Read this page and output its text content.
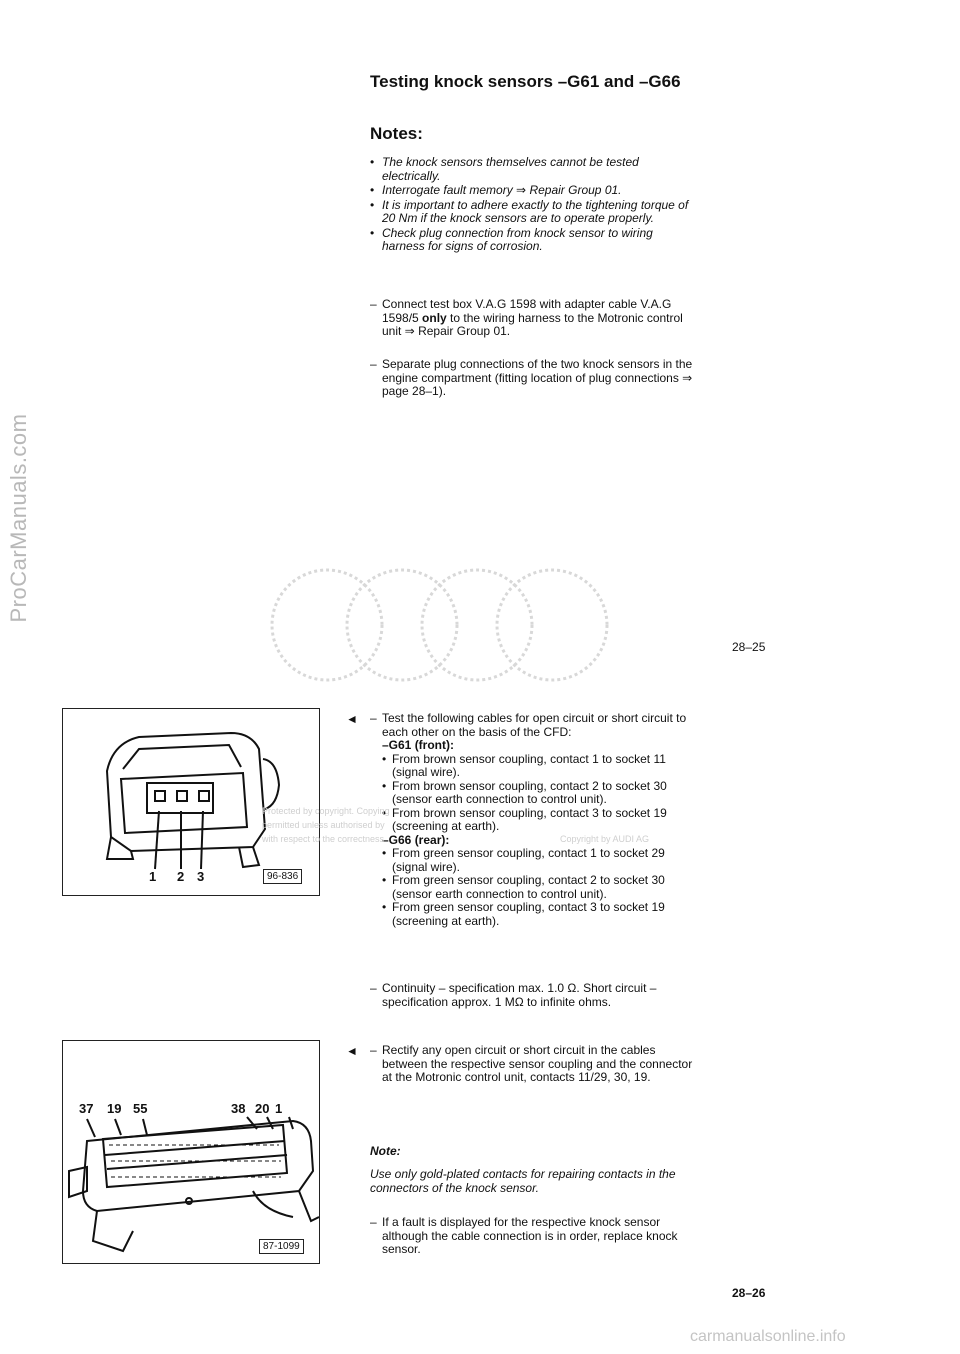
ProCarManuals.com
Testing knock sensors –G61 and –G66
Notes:
• The knock sensors themselves cannot be tested electrically.
• Interrogate fault memory ⇒ Repair Group 01.
• It is important to adhere exactly to the tightening torque of 20 Nm if the knock sensors are to operate properly.
• Check plug connection from knock sensor to wiring harness for signs of corrosion.
– Connect test box V.A.G 1598 with adapter cable V.A.G 1598/5 only to the wiring harness to the Motronic control unit ⇒ Repair Group 01.
– Separate plug connections of the two knock sensors in the engine compartment (fitting location of plug connections ⇒ page 28–1).
28–25
1 2 3	96-836
◄ – Test the following cables for open circuit or short circuit to each other on the basis of the CFD:
–G61 (front):
• From brown sensor coupling, contact 1 to socket 11 (signal wire).
• From brown sensor coupling, contact 2 to socket 30 (sensor earth connection to control unit).
• From brown sensor coupling, contact 3 to socket 19 (screening at earth).
–G66 (rear):
• From green sensor coupling, contact 1 to socket 29 (signal wire).
• From green sensor coupling, contact 2 to socket 30 (sensor earth connection to control unit).
• From green sensor coupling, contact 3 to socket 19 (screening at earth).
Protected by copyright. Copying
permitted unless authorised by
with respect to the correctness	Copyright by AUDI AG
– Continuity – specification max. 1.0 Ω. Short circuit – specification approx. 1 MΩ to infinite ohms.
37 19 55	38 20 1
87-1099
◄ – Rectify any open circuit or short circuit in the cables between the respective sensor coupling and the connector at the Motronic control unit, contacts 11/29, 30, 19.
Note:
Use only gold-plated contacts for repairing contacts in the connectors of the knock sensor.
– If a fault is displayed for the respective knock sensor although the cable connection is in order, replace knock sensor.
28–26
carmanualsonline.info
